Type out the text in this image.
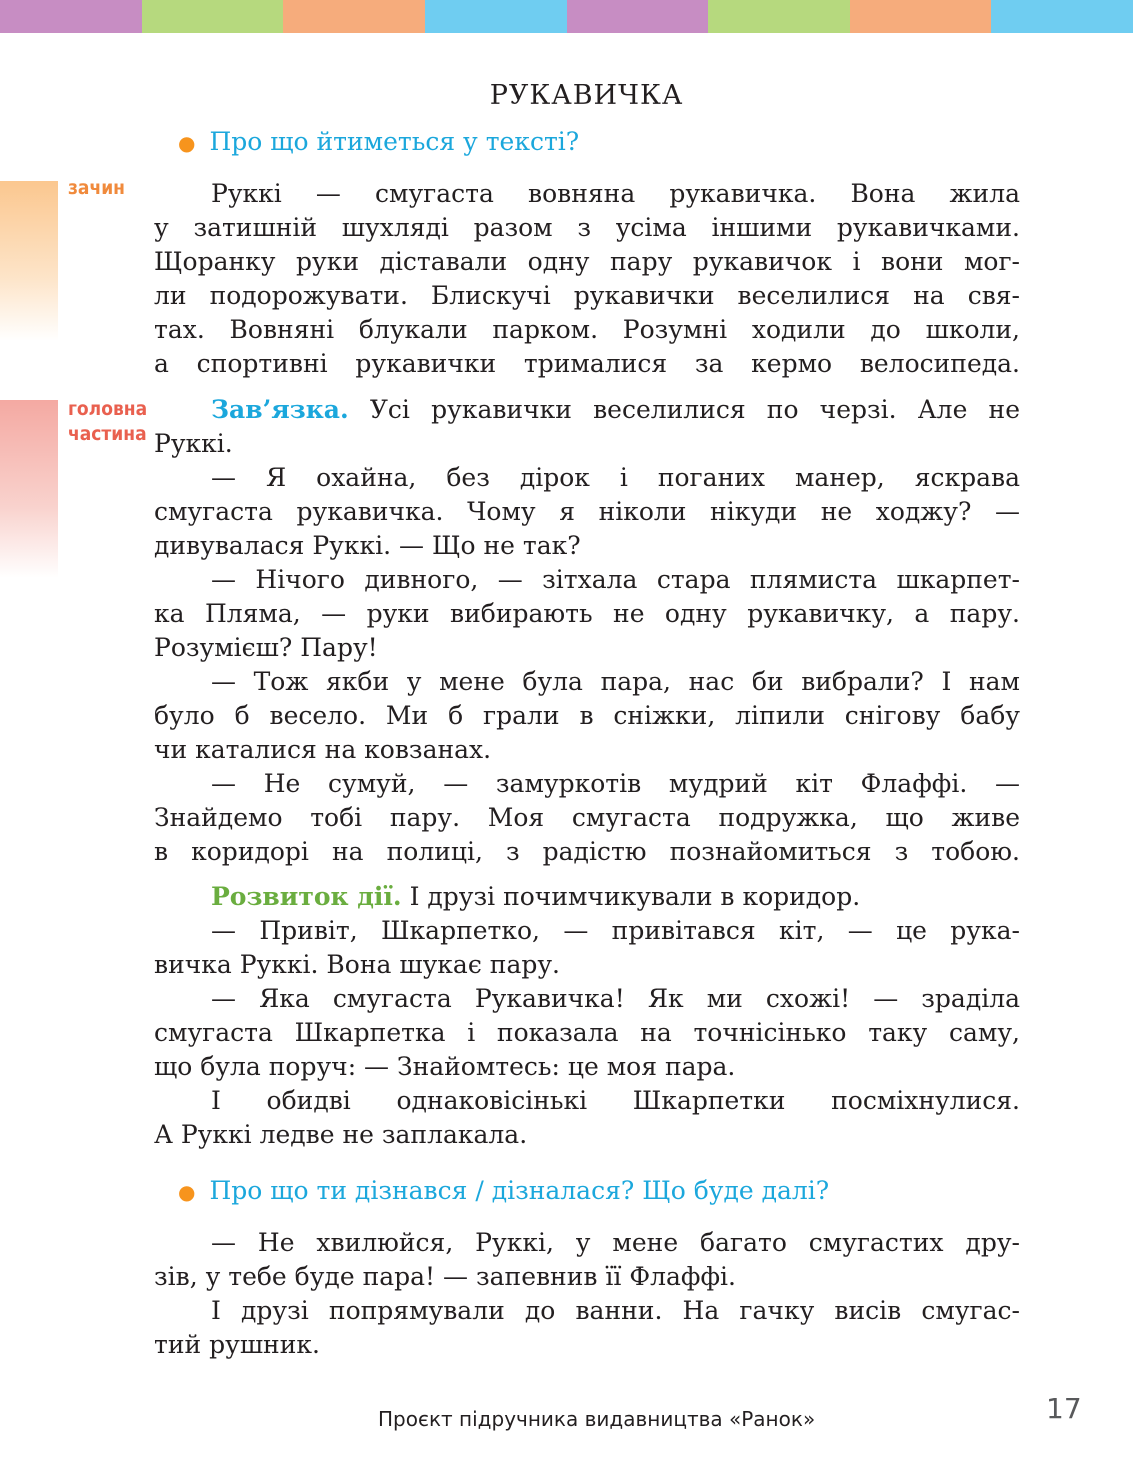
зачин
головна
частина
РУКАВИЧКА
● Про що йтиметься у тексті?
Руккі — смугаста вовняна рукавичка. Вона жила
у затишній шухляді разом з усіма іншими рукавичками.
Щоранку руки діставали одну пару рукавичок і вони мог-
ли подорожувати. Блискучі рукавички веселилися на свя-
тах. Вовняні блукали парком. Розумні ходили до школи,
а спортивні рукавички трималися за кермо велосипеда.
Зав’язка. Усі рукавички веселилися по черзі. Але не
Руккі.
— Я охайна, без дірок і поганих манер, яскрава
смугаста рукавичка. Чому я ніколи нікуди не ходжу? —
дивувалася Руккі. — Що не так?
— Нічого дивного, — зітхала стара плямиста шкарпет-
ка Пляма, — руки вибирають не одну рукавичку, а пару.
Розумієш? Пару!
— Тож якби у мене була пара, нас би вибрали? І нам
було б весело. Ми б грали в сніжки, ліпили снігову бабу
чи каталися на ковзанах.
— Не сумуй, — замуркотів мудрий кіт Флаффі. —
Знайдемо тобі пару. Моя смугаста подружка, що живе
в коридорі на полиці, з радістю познайомиться з тобою.
Розвиток дії. І друзі почимчикували в коридор.
— Привіт, Шкарпетко, — привітався кіт, — це рука-
вичка Руккі. Вона шукає пару.
— Яка смугаста Рукавичка! Як ми схожі! — зраділа
смугаста Шкарпетка і показала на точнісінько таку саму,
що була поруч: — Знайомтесь: це моя пара.
І обидві однаковісінькі Шкарпетки посміхнулися.
А Руккі ледве не заплакала.
● Про що ти дізнався / дізналася? Що буде далі?
— Не хвилюйся, Руккі, у мене багато смугастих дру-
зів, у тебе буде пара! — запевнив її Флаффі.
І друзі попрямували до ванни. На гачку висів смугас-
тий рушник.
Проєкт підручника видавництва «Ранок»	17
